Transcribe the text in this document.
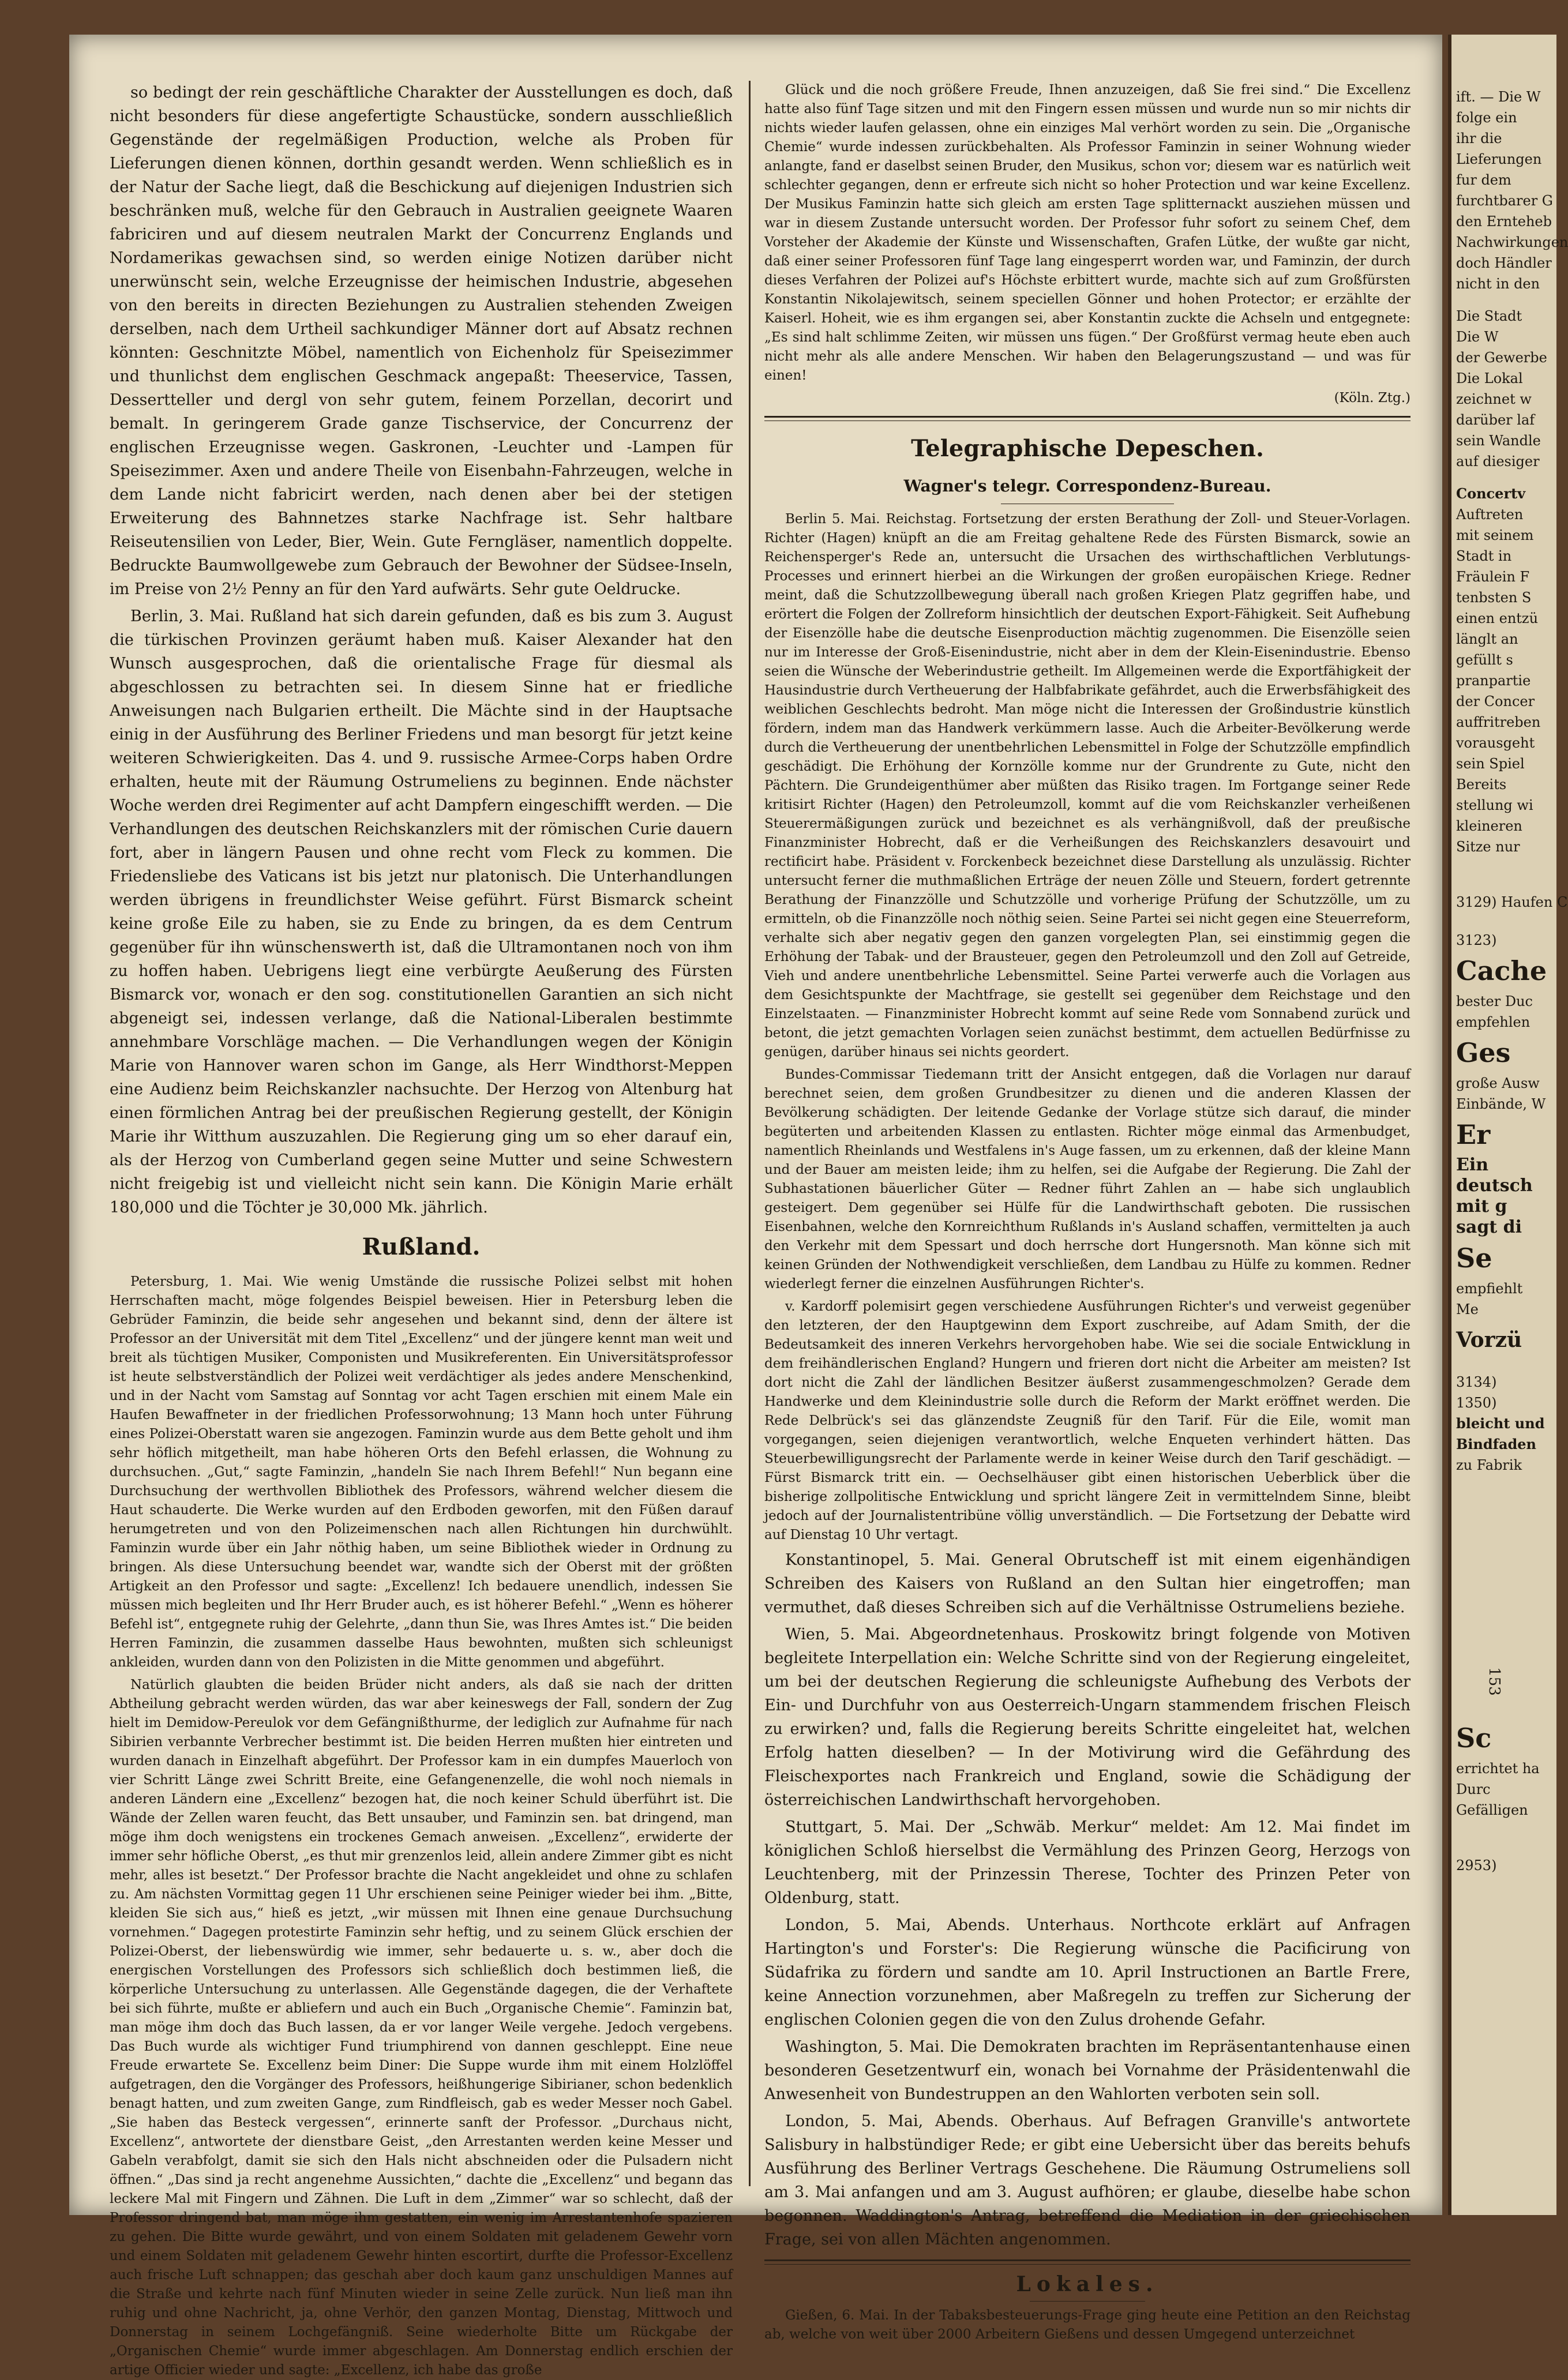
so bedingt der rein geschäftliche Charakter der Ausstellungen es doch, daß nicht besonders für diese angefertigte Schaustücke, sondern ausschließlich Gegenstände der regelmäßigen Production, welche als Proben für Lieferungen dienen können, dorthin gesandt werden. Wenn schließlich es in der Natur der Sache liegt, daß die Beschickung auf diejenigen Industrien sich beschränken muß, welche für den Gebrauch in Australien geeignete Waaren fabriciren und auf diesem neutralen Markt der Concurrenz Englands und Nordamerikas gewachsen sind, so werden einige Notizen darüber nicht unerwünscht sein, welche Erzeugnisse der heimischen Industrie, abgesehen von den bereits in directen Beziehungen zu Australien stehenden Zweigen derselben, nach dem Urtheil sachkundiger Männer dort auf Absatz rechnen könnten: Geschnitzte Möbel, namentlich von Eichenholz für Speisezimmer und thunlichst dem englischen Geschmack angepaßt: Theeservice, Tassen, Dessertteller und dergl von sehr gutem, feinem Porzellan, decorirt und bemalt. In geringerem Grade ganze Tischservice, der Concurrenz der englischen Erzeugnisse wegen. Gaskronen, -Leuchter und -Lampen für Speisezimmer. Axen und andere Theile von Eisenbahn-Fahrzeugen, welche in dem Lande nicht fabricirt werden, nach denen aber bei der stetigen Erweiterung des Bahnnetzes starke Nachfrage ist. Sehr haltbare Reiseutensilien von Leder, Bier, Wein. Gute Ferngläser, namentlich doppelte. Bedruckte Baumwollgewebe zum Gebrauch der Bewohner der Südsee-Inseln, im Preise von 2½ Penny an für den Yard aufwärts. Sehr gute Oeldrucke.

Berlin, 3. Mai. Rußland hat sich darein gefunden, daß es bis zum 3. August die türkischen Provinzen geräumt haben muß. Kaiser Alexander hat den Wunsch ausgesprochen, daß die orientalische Frage für diesmal als abgeschlossen zu betrachten sei. In diesem Sinne hat er friedliche Anweisungen nach Bulgarien ertheilt. Die Mächte sind in der Hauptsache einig in der Ausführung des Berliner Friedens und man besorgt für jetzt keine weiteren Schwierigkeiten. Das 4. und 9. russische Armee-Corps haben Ordre erhalten, heute mit der Räumung Ostrumeliens zu beginnen. Ende nächster Woche werden drei Regimenter auf acht Dampfern eingeschifft werden. — Die Verhandlungen des deutschen Reichskanzlers mit der römischen Curie dauern fort, aber in längern Pausen und ohne recht vom Fleck zu kommen. Die Friedensliebe des Vaticans ist bis jetzt nur platonisch. Die Unterhandlungen werden übrigens in freundlichster Weise geführt. Fürst Bismarck scheint keine große Eile zu haben, sie zu Ende zu bringen, da es dem Centrum gegenüber für ihn wünschenswerth ist, daß die Ultramontanen noch von ihm zu hoffen haben. Uebrigens liegt eine verbürgte Aeußerung des Fürsten Bismarck vor, wonach er den sog. constitutionellen Garantien an sich nicht abgeneigt sei, indessen verlange, daß die National-Liberalen bestimmte annehmbare Vorschläge machen. — Die Verhandlungen wegen der Königin Marie von Hannover waren schon im Gange, als Herr Windthorst-Meppen eine Audienz beim Reichskanzler nachsuchte. Der Herzog von Altenburg hat einen förmlichen Antrag bei der preußischen Regierung gestellt, der Königin Marie ihr Witthum auszuzahlen. Die Regierung ging um so eher darauf ein, als der Herzog von Cumberland gegen seine Mutter und seine Schwestern nicht freigebig ist und vielleicht nicht sein kann. Die Königin Marie erhält 180,000 und die Töchter je 30,000 Mk. jährlich.

Rußland.

Petersburg, 1. Mai. Wie wenig Umstände die russische Polizei selbst mit hohen Herrschaften macht, möge folgendes Beispiel beweisen. Hier in Petersburg leben die Gebrüder Faminzin, die beide sehr angesehen und bekannt sind, denn der ältere ist Professor an der Universität mit dem Titel „Excellenz“ und der jüngere kennt man weit und breit als tüchtigen Musiker, Componisten und Musikreferenten. Ein Universitätsprofessor ist heute selbstverständlich der Polizei weit verdächtiger als jedes andere Menschenkind, und in der Nacht vom Samstag auf Sonntag vor acht Tagen erschien mit einem Male ein Haufen Bewaffneter in der friedlichen Professorwohnung; 13 Mann hoch unter Führung eines Polizei-Oberstatt waren sie angezogen. Faminzin wurde aus dem Bette geholt und ihm sehr höflich mitgetheilt, man habe höheren Orts den Befehl erlassen, die Wohnung zu durchsuchen. „Gut,“ sagte Faminzin, „handeln Sie nach Ihrem Befehl!“ Nun begann eine Durchsuchung der werthvollen Bibliothek des Professors, während welcher diesem die Haut schauderte. Die Werke wurden auf den Erdboden geworfen, mit den Füßen darauf herumgetreten und von den Polizeimenschen nach allen Richtungen hin durchwühlt. Faminzin wurde über ein Jahr nöthig haben, um seine Bibliothek wieder in Ordnung zu bringen. Als diese Untersuchung beendet war, wandte sich der Oberst mit der größten Artigkeit an den Professor und sagte: „Excellenz! Ich bedauere unendlich, indessen Sie müssen mich begleiten und Ihr Herr Bruder auch, es ist höherer Befehl.“ „Wenn es höherer Befehl ist“, entgegnete ruhig der Gelehrte, „dann thun Sie, was Ihres Amtes ist.“ Die beiden Herren Faminzin, die zusammen dasselbe Haus bewohnten, mußten sich schleunigst ankleiden, wurden dann von den Polizisten in die Mitte genommen und abgeführt.

Natürlich glaubten die beiden Brüder nicht anders, als daß sie nach der dritten Abtheilung gebracht werden würden, das war aber keineswegs der Fall, sondern der Zug hielt im Demidow-Pereulok vor dem Gefängnißthurme, der lediglich zur Aufnahme für nach Sibirien verbannte Verbrecher bestimmt ist. Die beiden Herren mußten hier eintreten und wurden danach in Einzelhaft abgeführt. Der Professor kam in ein dumpfes Mauerloch von vier Schritt Länge zwei Schritt Breite, eine Gefangenenzelle, die wohl noch niemals in anderen Ländern eine „Excellenz“ bezogen hat, die noch keiner Schuld überführt ist. Die Wände der Zellen waren feucht, das Bett unsauber, und Faminzin sen. bat dringend, man möge ihm doch wenigstens ein trockenes Gemach anweisen. „Excellenz“, erwiderte der immer sehr höfliche Oberst, „es thut mir grenzenlos leid, allein andere Zimmer gibt es nicht mehr, alles ist besetzt.“ Der Professor brachte die Nacht angekleidet und ohne zu schlafen zu. Am nächsten Vormittag gegen 11 Uhr erschienen seine Peiniger wieder bei ihm. „Bitte, kleiden Sie sich aus,“ hieß es jetzt, „wir müssen mit Ihnen eine genaue Durchsuchung vornehmen.“ Dagegen protestirte Faminzin sehr heftig, und zu seinem Glück erschien der Polizei-Oberst, der liebenswürdig wie immer, sehr bedauerte u. s. w., aber doch die energischen Vorstellungen des Professors sich schließlich doch bestimmen ließ, die körperliche Untersuchung zu unterlassen. Alle Gegenstände dagegen, die der Verhaftete bei sich führte, mußte er abliefern und auch ein Buch „Organische Chemie“. Faminzin bat, man möge ihm doch das Buch lassen, da er vor langer Weile vergehe. Jedoch vergebens. Das Buch wurde als wichtiger Fund triumphirend von dannen geschleppt. Eine neue Freude erwartete Se. Excellenz beim Diner: Die Suppe wurde ihm mit einem Holzlöffel aufgetragen, den die Vorgänger des Professors, heißhungerige Sibirianer, schon bedenklich benagt hatten, und zum zweiten Gange, zum Rindfleisch, gab es weder Messer noch Gabel. „Sie haben das Besteck vergessen“, erinnerte sanft der Professor. „Durchaus nicht, Excellenz“, antwortete der dienstbare Geist, „den Arrestanten werden keine Messer und Gabeln verabfolgt, damit sie sich den Hals nicht abschneiden oder die Pulsadern nicht öffnen.“ „Das sind ja recht angenehme Aussichten,“ dachte die „Excellenz“ und begann das leckere Mal mit Fingern und Zähnen. Die Luft in dem „Zimmer“ war so schlecht, daß der Professor dringend bat, man möge ihm gestatten, ein wenig im Arrestantenhofe spazieren zu gehen. Die Bitte wurde gewährt, und von einem Soldaten mit geladenem Gewehr vorn und einem Soldaten mit geladenem Gewehr hinten escortirt, durfte die Professor-Excellenz auch frische Luft schnappen; das geschah aber doch kaum ganz unschuldigen Mannes auf die Straße und kehrte nach fünf Minuten wieder in seine Zelle zurück. Nun ließ man ihn ruhig und ohne Nachricht, ja, ohne Verhör, den ganzen Montag, Dienstag, Mittwoch und Donnerstag in seinem Lochgefängniß. Seine wiederholte Bitte um Rückgabe der „Organischen Chemie“ wurde immer abgeschlagen. Am Donnerstag endlich erschien der artige Officier wieder und sagte: „Excellenz, ich habe das große

Glück und die noch größere Freude, Ihnen anzuzeigen, daß Sie frei sind.“ Die Excellenz hatte also fünf Tage sitzen und mit den Fingern essen müssen und wurde nun so mir nichts dir nichts wieder laufen gelassen, ohne ein einziges Mal verhört worden zu sein. Die „Organische Chemie“ wurde indessen zurückbehalten. Als Professor Faminzin in seiner Wohnung wieder anlangte, fand er daselbst seinen Bruder, den Musikus, schon vor; diesem war es natürlich weit schlechter gegangen, denn er erfreute sich nicht so hoher Protection und war keine Excellenz. Der Musikus Faminzin hatte sich gleich am ersten Tage splitternackt ausziehen müssen und war in diesem Zustande untersucht worden. Der Professor fuhr sofort zu seinem Chef, dem Vorsteher der Akademie der Künste und Wissenschaften, Grafen Lütke, der wußte gar nicht, daß einer seiner Professoren fünf Tage lang eingesperrt worden war, und Faminzin, der durch dieses Verfahren der Polizei auf's Höchste erbittert wurde, machte sich auf zum Großfürsten Konstantin Nikolajewitsch, seinem speciellen Gönner und hohen Protector; er erzählte der Kaiserl. Hoheit, wie es ihm ergangen sei, aber Konstantin zuckte die Achseln und entgegnete: „Es sind halt schlimme Zeiten, wir müssen uns fügen.“ Der Großfürst vermag heute eben auch nicht mehr als alle andere Menschen. Wir haben den Belagerungszustand — und was für einen!

(Köln. Ztg.)

Telegraphische Depeschen.
Wagner's telegr. Correspondenz-Bureau.

Berlin 5. Mai. Reichstag. Fortsetzung der ersten Berathung der Zoll- und Steuer-Vorlagen. Richter (Hagen) knüpft an die am Freitag gehaltene Rede des Fürsten Bismarck, sowie an Reichensperger's Rede an, untersucht die Ursachen des wirthschaftlichen Verblutungs-Processes und erinnert hierbei an die Wirkungen der großen europäischen Kriege. Redner meint, daß die Schutzzollbewegung überall nach großen Kriegen Platz gegriffen habe, und erörtert die Folgen der Zollreform hinsichtlich der deutschen Export-Fähigkeit. Seit Aufhebung der Eisenzölle habe die deutsche Eisenproduction mächtig zugenommen. Die Eisenzölle seien nur im Interesse der Groß-Eisenindustrie, nicht aber in dem der Klein-Eisenindustrie. Ebenso seien die Wünsche der Weberindustrie getheilt. Im Allgemeinen werde die Exportfähigkeit der Hausindustrie durch Vertheuerung der Halbfabrikate gefährdet, auch die Erwerbsfähigkeit des weiblichen Geschlechts bedroht. Man möge nicht die Interessen der Großindustrie künstlich fördern, indem man das Handwerk verkümmern lasse. Auch die Arbeiter-Bevölkerung werde durch die Vertheuerung der unentbehrlichen Lebensmittel in Folge der Schutzzölle empfindlich geschädigt. Die Erhöhung der Kornzölle komme nur der Grundrente zu Gute, nicht den Pächtern. Die Grundeigenthümer aber müßten das Risiko tragen. Im Fortgange seiner Rede kritisirt Richter (Hagen) den Petroleumzoll, kommt auf die vom Reichskanzler verheißenen Steuerermäßigungen zurück und bezeichnet es als verhängnißvoll, daß der preußische Finanzminister Hobrecht, daß er die Verheißungen des Reichskanzlers desavouirt und rectificirt habe. Präsident v. Forckenbeck bezeichnet diese Darstellung als unzulässig. Richter untersucht ferner die muthmaßlichen Erträge der neuen Zölle und Steuern, fordert getrennte Berathung der Finanzzölle und Schutzzölle und vorherige Prüfung der Schutzzölle, um zu ermitteln, ob die Finanzzölle noch nöthig seien. Seine Partei sei nicht gegen eine Steuerreform, verhalte sich aber negativ gegen den ganzen vorgelegten Plan, sei einstimmig gegen die Erhöhung der Tabak- und der Brausteuer, gegen den Petroleumzoll und den Zoll auf Getreide, Vieh und andere unentbehrliche Lebensmittel. Seine Partei verwerfe auch die Vorlagen aus dem Gesichtspunkte der Machtfrage, sie gestellt sei gegenüber dem Reichstage und den Einzelstaaten. — Finanzminister Hobrecht kommt auf seine Rede vom Sonnabend zurück und betont, die jetzt gemachten Vorlagen seien zunächst bestimmt, dem actuellen Bedürfnisse zu genügen, darüber hinaus sei nichts geordert.

Bundes-Commissar Tiedemann tritt der Ansicht entgegen, daß die Vorlagen nur darauf berechnet seien, dem großen Grundbesitzer zu dienen und die anderen Klassen der Bevölkerung schädigten. Der leitende Gedanke der Vorlage stütze sich darauf, die minder begüterten und arbeitenden Klassen zu entlasten. Richter möge einmal das Armenbudget, namentlich Rheinlands und Westfalens in's Auge fassen, um zu erkennen, daß der kleine Mann und der Bauer am meisten leide; ihm zu helfen, sei die Aufgabe der Regierung. Die Zahl der Subhastationen bäuerlicher Güter — Redner führt Zahlen an — habe sich unglaublich gesteigert. Dem gegenüber sei Hülfe für die Landwirthschaft geboten. Die russischen Eisenbahnen, welche den Kornreichthum Rußlands in's Ausland schaffen, vermittelten ja auch den Verkehr mit dem Spessart und doch herrsche dort Hungersnoth. Man könne sich mit keinen Gründen der Nothwendigkeit verschließen, dem Landbau zu Hülfe zu kommen. Redner wiederlegt ferner die einzelnen Ausführungen Richter's.

v. Kardorff polemisirt gegen verschiedene Ausführungen Richter's und verweist gegenüber den letzteren, der den Hauptgewinn dem Export zuschreibe, auf Adam Smith, der die Bedeutsamkeit des inneren Verkehrs hervorgehoben habe. Wie sei die sociale Entwicklung in dem freihändlerischen England? Hungern und frieren dort nicht die Arbeiter am meisten? Ist dort nicht die Zahl der ländlichen Besitzer äußerst zusammengeschmolzen? Gerade dem Handwerke und dem Kleinindustrie solle durch die Reform der Markt eröffnet werden. Die Rede Delbrück's sei das glänzendste Zeugniß für den Tarif. Für die Eile, womit man vorgegangen, seien diejenigen verantwortlich, welche Enqueten verhindert hätten. Das Steuerbewilligungsrecht der Parlamente werde in keiner Weise durch den Tarif geschädigt. — Fürst Bismarck tritt ein. — Oechselhäuser gibt einen historischen Ueberblick über die bisherige zollpolitische Entwicklung und spricht längere Zeit in vermittelndem Sinne, bleibt jedoch auf der Journalistentribüne völlig unverständlich. — Die Fortsetzung der Debatte wird auf Dienstag 10 Uhr vertagt.

Konstantinopel, 5. Mai. General Obrutscheff ist mit einem eigenhändigen Schreiben des Kaisers von Rußland an den Sultan hier eingetroffen; man vermuthet, daß dieses Schreiben sich auf die Verhältnisse Ostrumeliens beziehe.

Wien, 5. Mai. Abgeordnetenhaus. Proskowitz bringt folgende von Motiven begleitete Interpellation ein: Welche Schritte sind von der Regierung eingeleitet, um bei der deutschen Regierung die schleunigste Aufhebung des Verbots der Ein- und Durchfuhr von aus Oesterreich-Ungarn stammendem frischen Fleisch zu erwirken? und, falls die Regierung bereits Schritte eingeleitet hat, welchen Erfolg hatten dieselben? — In der Motivirung wird die Gefährdung des Fleischexportes nach Frankreich und England, sowie die Schädigung der österreichischen Landwirthschaft hervorgehoben.

Stuttgart, 5. Mai. Der „Schwäb. Merkur“ meldet: Am 12. Mai findet im königlichen Schloß hierselbst die Vermählung des Prinzen Georg, Herzogs von Leuchtenberg, mit der Prinzessin Therese, Tochter des Prinzen Peter von Oldenburg, statt.

London, 5. Mai, Abends. Unterhaus. Northcote erklärt auf Anfragen Hartington's und Forster's: Die Regierung wünsche die Pacificirung von Südafrika zu fördern und sandte am 10. April Instructionen an Bartle Frere, keine Annection vorzunehmen, aber Maßregeln zu treffen zur Sicherung der englischen Colonien gegen die von den Zulus drohende Gefahr.

Washington, 5. Mai. Die Demokraten brachten im Repräsentantenhause einen besonderen Gesetzentwurf ein, wonach bei Vornahme der Präsidentenwahl die Anwesenheit von Bundestruppen an den Wahlorten verboten sein soll.

London, 5. Mai, Abends. Oberhaus. Auf Befragen Granville's antwortete Salisbury in halbstündiger Rede; er gibt eine Uebersicht über das bereits behufs Ausführung des Berliner Vertrags Geschehene. Die Räumung Ostrumeliens soll am 3. Mai anfangen und am 3. August aufhören; er glaube, dieselbe habe schon begonnen. Waddington's Antrag, betreffend die Mediation in der griechischen Frage, sei von allen Mächten angenommen.

Lokales.

Gießen, 6. Mai. In der Tabaksbesteuerungs-Frage ging heute eine Petition an den Reichstag ab, welche von weit über 2000 Arbeitern Gießens und dessen Umgegend unterzeichnet

ift. — Die W
folge ein
ihr die
Lieferungen
fur dem
furchtbarer G
den Ernteheb
Nachwirkungen
doch Händler
nicht in den
Die Stadt
Die W
der Gewerbe
Die Lokal
zeichnet w
darüber laf
sein Wandle
auf diesiger
Concertv
Auftreten
mit seinem
Stadt in
Fräulein F
tenbsten S
einen entzü
länglt an
gefüllt s
pranpartie
der Concer
auffritreben
vorausgeht
sein Spiel
Bereits
stellung wi
kleineren
Sitze nur
3129) Haufen C
3123)
Cache
bester Duc
empfehlen
Ges
große Ausw
Einbände, W
Er
Ein
deutsch
mit g
sagt di
Se
empfiehlt
Me
Vorzü
3134)
1350)
bleicht und
Bindfaden
zu Fabrik
Sc
errichtet ha
Durc
Gefälligen
2953)
153
